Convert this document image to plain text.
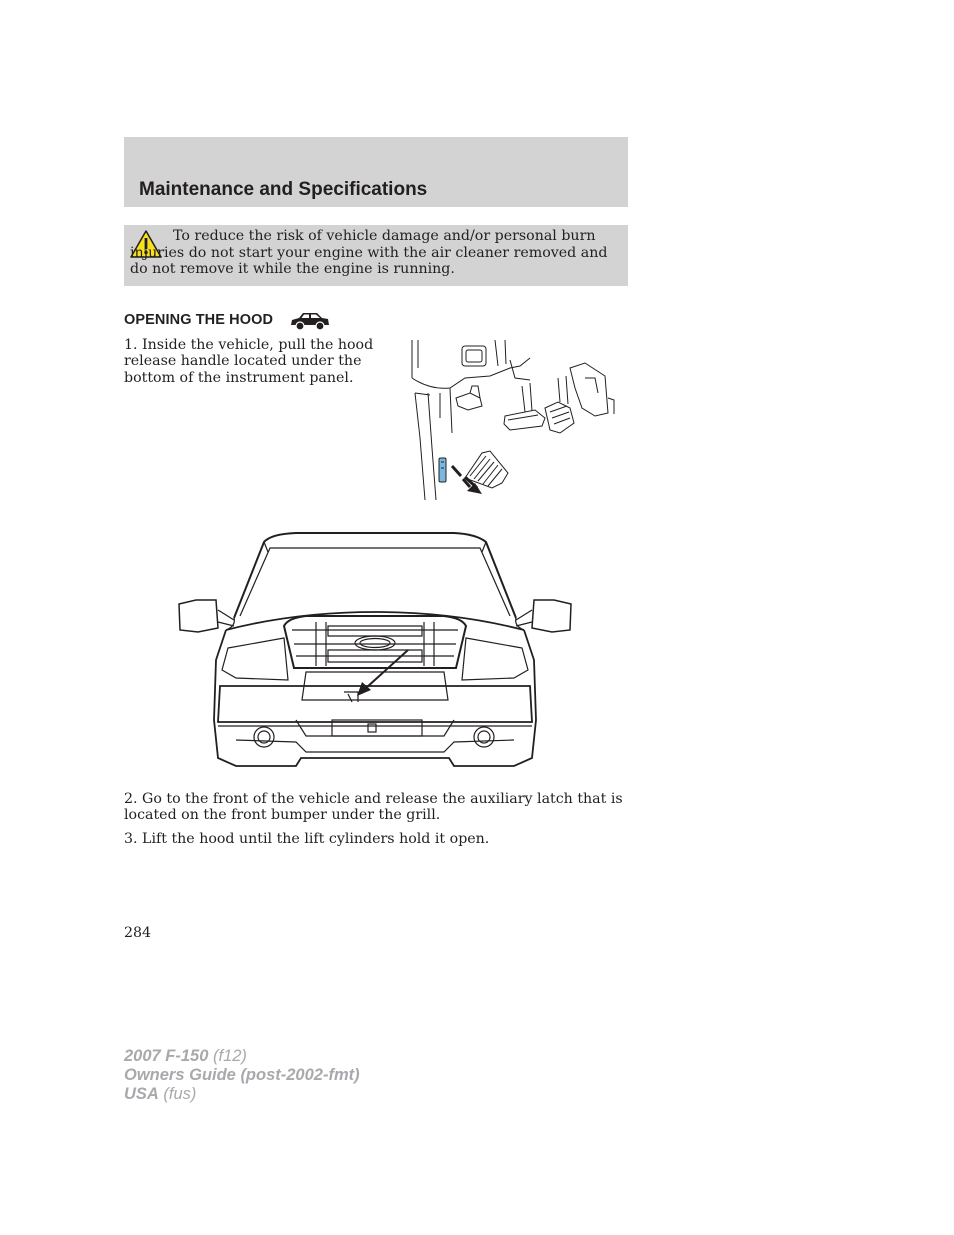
Maintenance and Specifications
To reduce the risk of vehicle damage and/or personal burn injuries do not start your engine with the air cleaner removed and do not remove it while the engine is running.
OPENING THE HOOD
1. Inside the vehicle, pull the hood release handle located under the bottom of the instrument panel.
2. Go to the front of the vehicle and release the auxiliary latch that is located on the front bumper under the grill.
3. Lift the hood until the lift cylinders hold it open.
284
2007 F-150 (f12)
Owners Guide (post-2002-fmt)
USA (fus)
